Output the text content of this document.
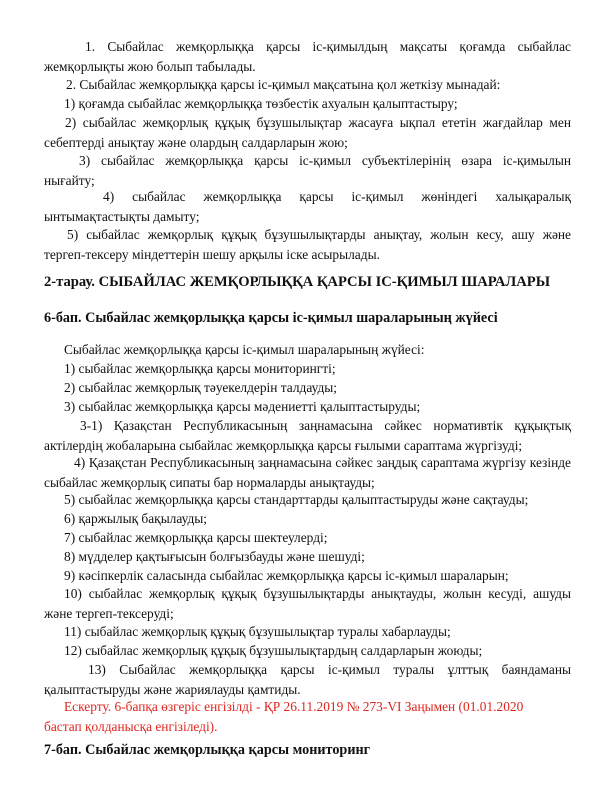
1. Сыбайлас жемқорлыққа қарсы іс-қимылдың мақсаты қоғамда сыбайлас жемқорлықты жою болып табылады.

2. Сыбайлас жемқорлыққа қарсы іс-қимыл мақсатына қол жеткізу мынадай:

1) қоғамда сыбайлас жемқорлыққа төзбестік ахуалын қалыптастыру;

2) сыбайлас жемқорлық құқық бұзушылықтар жасауға ықпал ететін жағдайлар мен себептерді анықтау және олардың салдарларын жою;

3) сыбайлас жемқорлыққа қарсы іс-қимыл субъектілерінің өзара іс-қимылын нығайту;

4) сыбайлас жемқорлыққа қарсы іс-қимыл жөніндегі халықаралық ынтымақтастықты дамыту;

5) сыбайлас жемқорлық құқық бұзушылықтарды анықтау, жолын кесу, ашу және тергеп-тексеру міндеттерін шешу арқылы іске асырылады.

2-тарау. СЫБАЙЛАС ЖЕМҚОРЛЫҚҚА ҚАРСЫ ІС-ҚИМЫЛ ШАРАЛАРЫ
6-бап. Сыбайлас жемқорлыққа қарсы іс-қимыл шараларының жүйесі

Сыбайлас жемқорлыққа қарсы іс-қимыл шараларының жүйесі:

1) сыбайлас жемқорлыққа қарсы мониторингті;

2) сыбайлас жемқорлық тәуекелдерін талдауды;

3) сыбайлас жемқорлыққа қарсы мәдениетті қалыптастыруды;

3-1) Қазақстан Республикасының заңнамасына сәйкес нормативтік құқықтық актілердің жобаларына сыбайлас жемқорлыққа қарсы ғылыми сараптама жүргізуді;

4) Қазақстан Республикасының заңнамасына сәйкес заңдық сараптама жүргізу кезінде сыбайлас жемқорлық сипаты бар нормаларды анықтауды;

5) сыбайлас жемқорлыққа қарсы стандарттарды қалыптастыруды және сақтауды;

6) қаржылық бақылауды;

7) сыбайлас жемқорлыққа қарсы шектеулерді;

8) мүдделер қақтығысын болғызбауды және шешуді;

9) кәсіпкерлік саласында сыбайлас жемқорлыққа қарсы іс-қимыл шараларын;

10) сыбайлас жемқорлық құқық бұзушылықтарды анықтауды, жолын кесуді, ашуды және тергеп-тексеруді;

11) сыбайлас жемқорлық құқық бұзушылықтар туралы хабарлауды;

12) сыбайлас жемқорлық құқық бұзушылықтардың салдарларын жоюды;

13) Сыбайлас жемқорлыққа қарсы іс-қимыл туралы ұлттық баяндаманы қалыптастыруды және жариялауды қамтиды.

Ескерту. 6-бапқа өзгеріс енгізілді - ҚР 26.11.2019 № 273-VI Заңымен (01.01.2020 бастап қолданысқа енгізіледі).

7-бап. Сыбайлас жемқорлыққа қарсы мониторинг
